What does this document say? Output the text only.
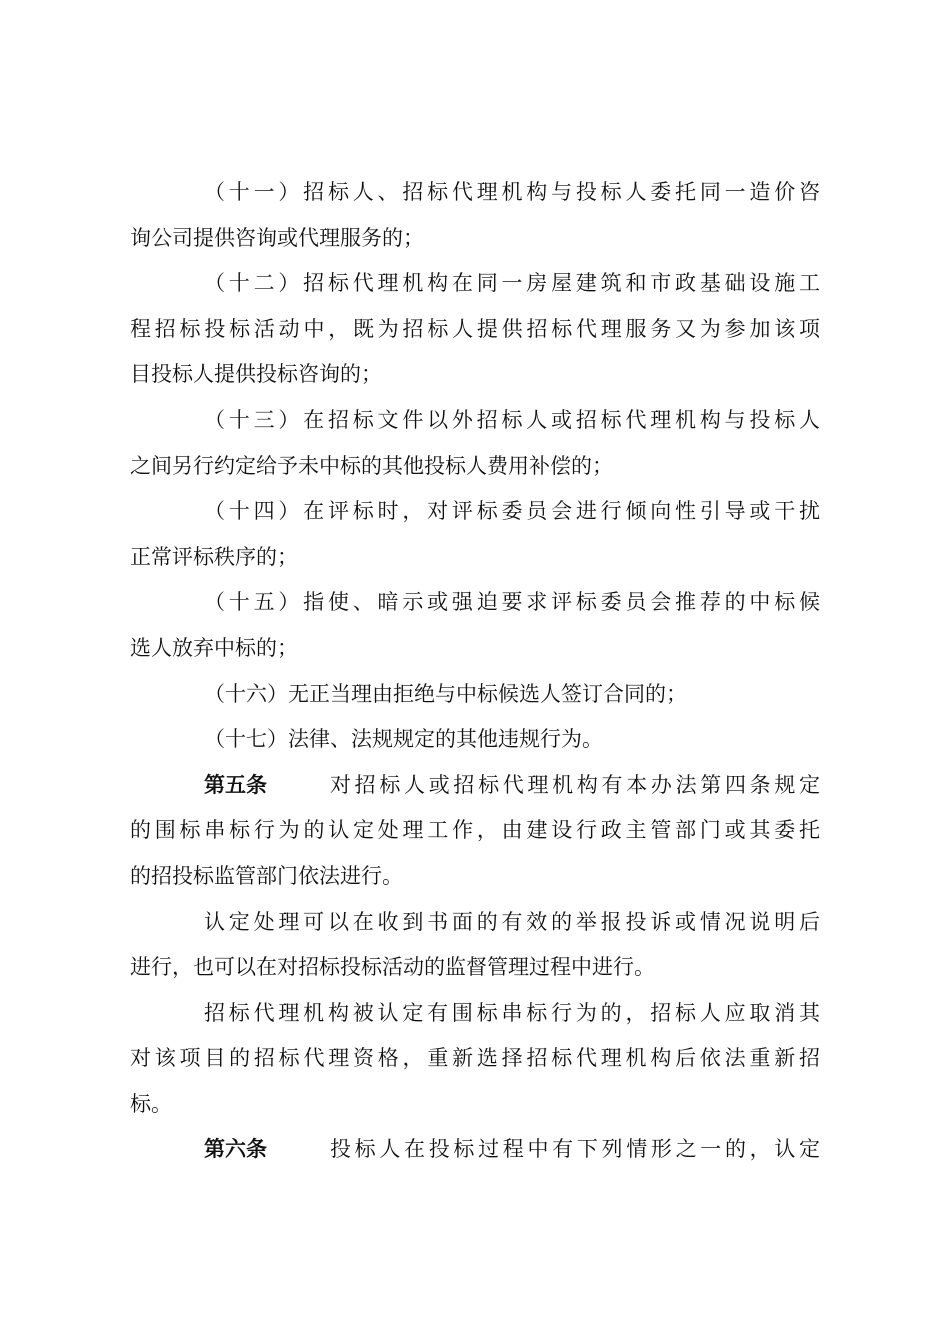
（十一）招标人、招标代理机构与投标人委托同一造价咨
询公司提供咨询或代理服务的；
（十二）招标代理机构在同一房屋建筑和市政基础设施工
程招标投标活动中，既为招标人提供招标代理服务又为参加该项
目投标人提供投标咨询的；
（十三）在招标文件以外招标人或招标代理机构与投标人
之间另行约定给予未中标的其他投标人费用补偿的；
（十四）在评标时，对评标委员会进行倾向性引导或干扰
正常评标秩序的；
（十五）指使、暗示或强迫要求评标委员会推荐的中标候
选人放弃中标的；
（十六）无正当理由拒绝与中标候选人签订合同的；
（十七）法律、法规规定的其他违规行为。
第五条	对招标人或招标代理机构有本办法第四条规定
的围标串标行为的认定处理工作，由建设行政主管部门或其委托
的招投标监管部门依法进行。
认定处理可以在收到书面的有效的举报投诉或情况说明后
进行，也可以在对招标投标活动的监督管理过程中进行。
招标代理机构被认定有围标串标行为的，招标人应取消其
对该项目的招标代理资格，重新选择招标代理机构后依法重新招
标。
第六条	投标人在投标过程中有下列情形之一的，认定
